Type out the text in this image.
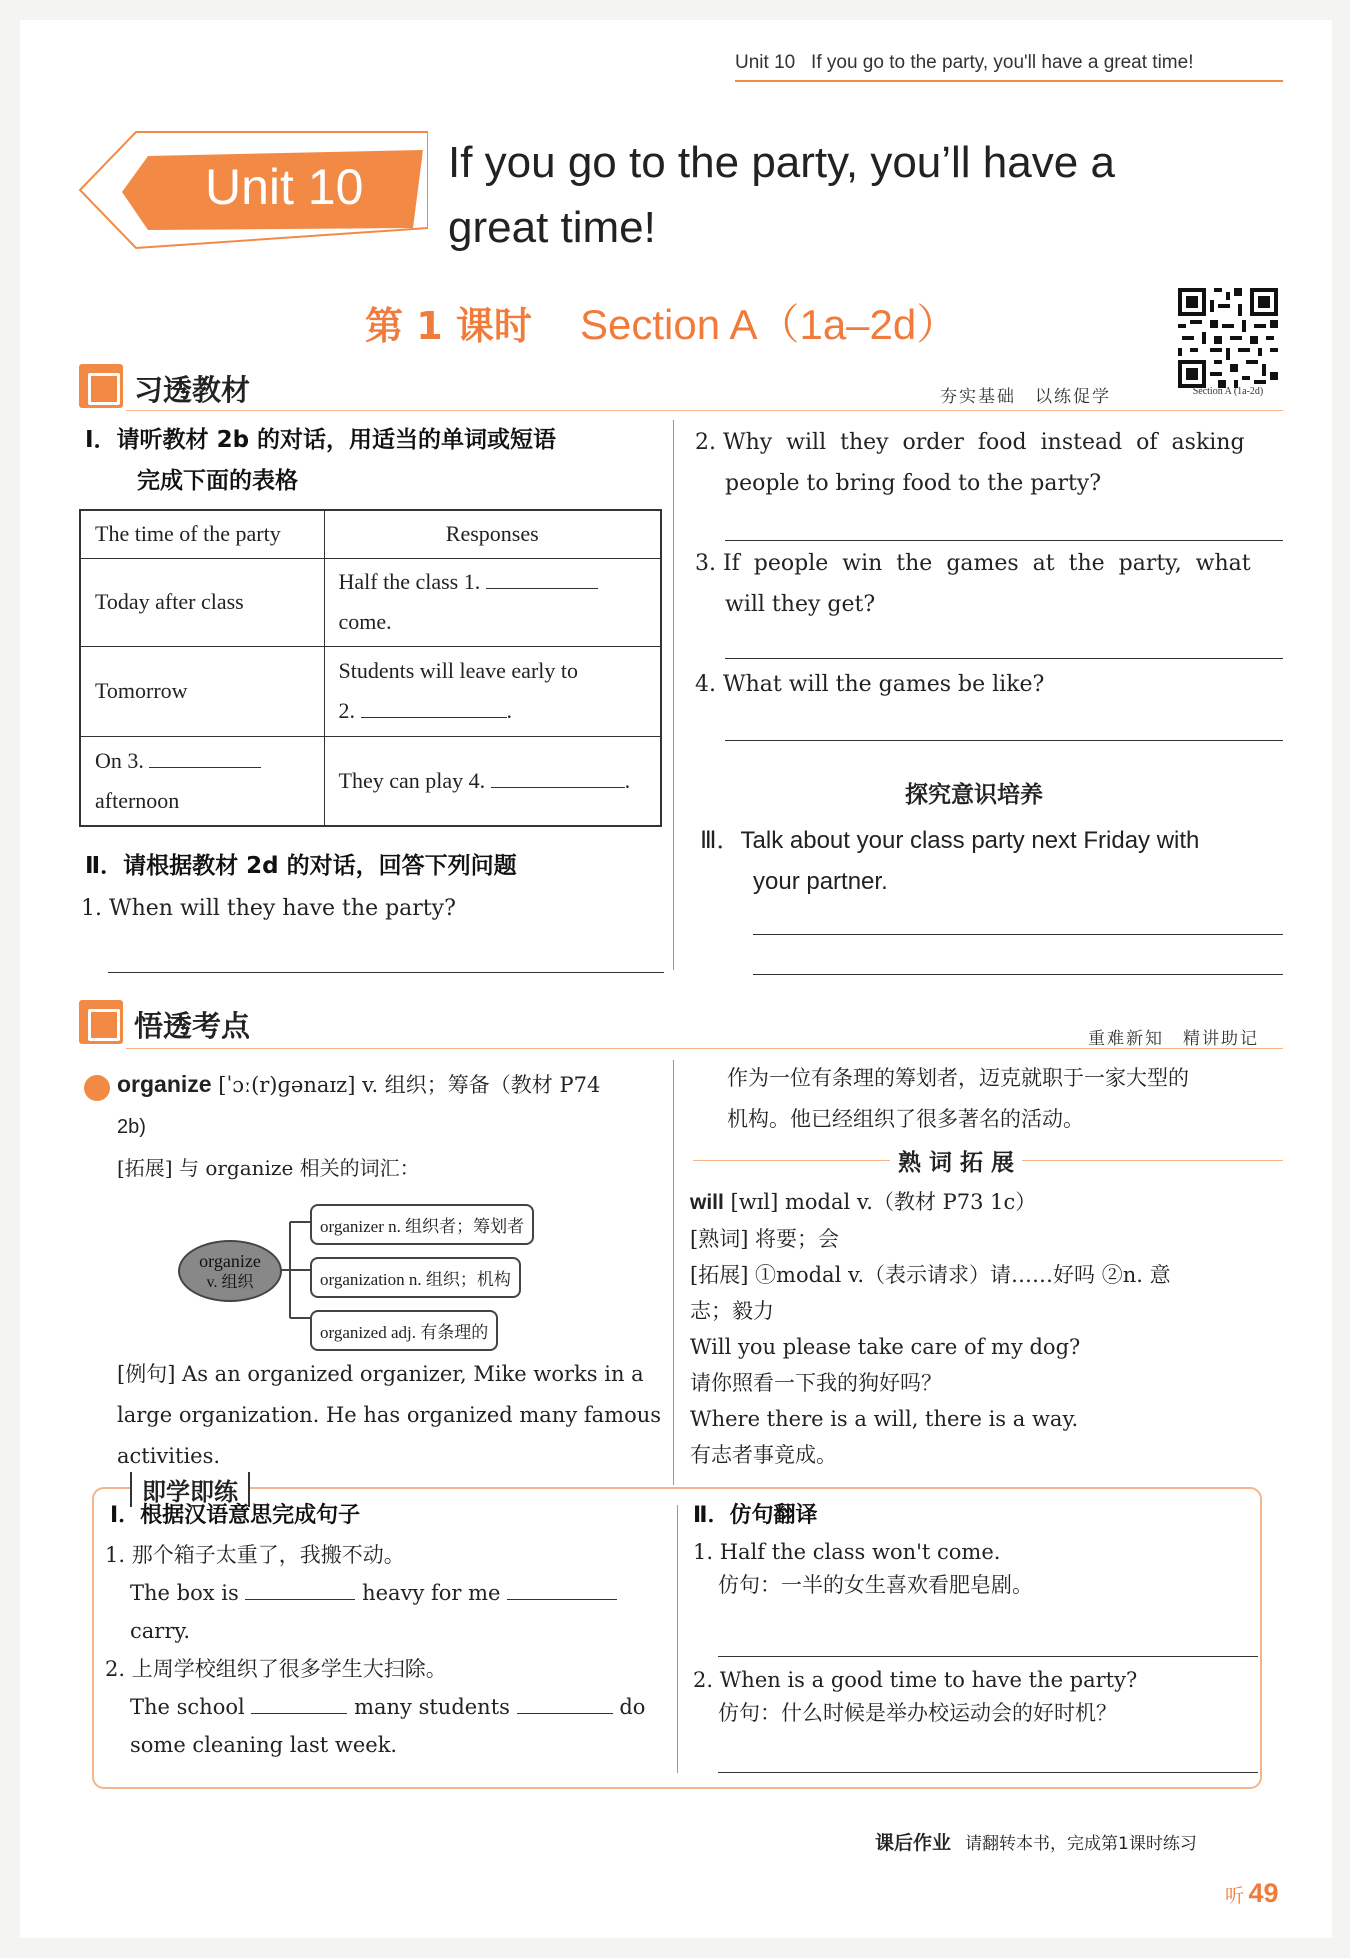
Unit 10   If you go to the party, you'll have a great time!
Unit 10 If you go to the party, you’ll have a
great time!
第 1 课时 Section A（1a–2d）
Section A (1a-2d)
习透教材	夯实基础　以练促学
Ⅰ．请听教材 2b 的对话，用适当的单词或短语
完成下面的表格
The time of the party	Responses
Today after class	Half the class 1.
come.
Tomorrow	Students will leave early to
2. .
On 3.
afternoon	They can play 4. .
Ⅱ．请根据教材 2d 的对话，回答下列问题
1. When will they have the party?
2. Why  will  they  order  food  instead  of  asking
people to bring food to the party?
3. If  people  win  the  games  at  the  party,  what
will they get?
4. What will the games be like?
探究意识培养
Ⅲ．Talk about your class party next Friday with
your partner.
悟透考点	重难新知　精讲助记
organize [ˈɔː(r)ɡənaɪz] v. 组织；筹备（教材 P74
2b)
[拓展] 与 organize 相关的词汇：
organize
v. 组织
organizer n. 组织者；筹划者
organization n. 组织；机构
organized adj. 有条理的
[例句] As an organized organizer, Mike works in a
large organization. He has organized many famous
activities.
作为一位有条理的筹划者，迈克就职于一家大型的
机构。他已经组织了很多著名的活动。
熟 词 拓 展
will [wɪl] modal v.（教材 P73 1c）
[熟词] 将要；会
[拓展] ①modal v.（表示请求）请……好吗 ②n. 意
志；毅力
Will you please take care of my dog?
请你照看一下我的狗好吗？
Where there is a will, there is a way.
有志者事竟成。
即学即练
Ⅰ．根据汉语意思完成句子
1. 那个箱子太重了，我搬不动。
The box is	heavy for me
carry.
2. 上周学校组织了很多学生大扫除。
The school	many students	do
some cleaning last week.
Ⅱ．仿句翻译
1. Half the class won't come.
仿句：一半的女生喜欢看肥皂剧。
2. When is a good time to have the party?
仿句：什么时候是举办校运动会的好时机？
课后作业 请翻转本书，完成第1课时练习
听 49
